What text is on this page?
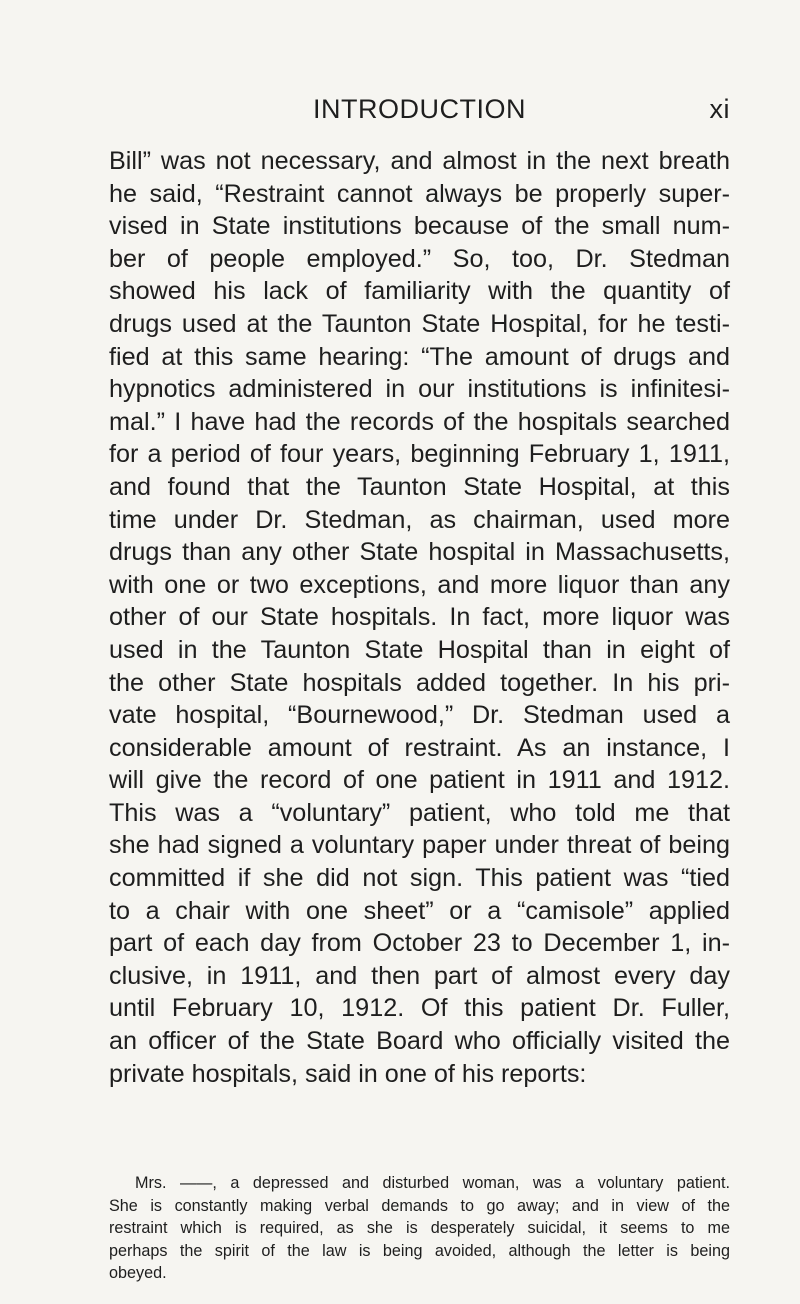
INTRODUCTION	xi
Bill” was not necessary, and almost in the next breath
he said, “Restraint cannot always be properly super-
vised in State institutions because of the small num-
ber of people employed.” So, too, Dr. Stedman
showed his lack of familiarity with the quantity of
drugs used at the Taunton State Hospital, for he testi-
fied at this same hearing: “The amount of drugs and
hypnotics administered in our institutions is infinitesi-
mal.” I have had the records of the hospitals searched
for a period of four years, beginning February 1, 1911,
and found that the Taunton State Hospital, at this
time under Dr. Stedman, as chairman, used more
drugs than any other State hospital in Massachusetts,
with one or two exceptions, and more liquor than any
other of our State hospitals. In fact, more liquor was
used in the Taunton State Hospital than in eight of
the other State hospitals added together. In his pri-
vate hospital, “Bournewood,” Dr. Stedman used a
considerable amount of restraint. As an instance, I
will give the record of one patient in 1911 and 1912.
This was a “voluntary” patient, who told me that
she had signed a voluntary paper under threat of being
committed if she did not sign. This patient was “tied
to a chair with one sheet” or a “camisole” applied
part of each day from October 23 to December 1, in-
clusive, in 1911, and then part of almost every day
until February 10, 1912. Of this patient Dr. Fuller,
an officer of the State Board who officially visited the
private hospitals, said in one of his reports:
Mrs. ——, a depressed and disturbed woman, was a voluntary patient.
She is constantly making verbal demands to go away; and in view of the
restraint which is required, as she is desperately suicidal, it seems to me
perhaps the spirit of the law is being avoided, although the letter is being
obeyed.
